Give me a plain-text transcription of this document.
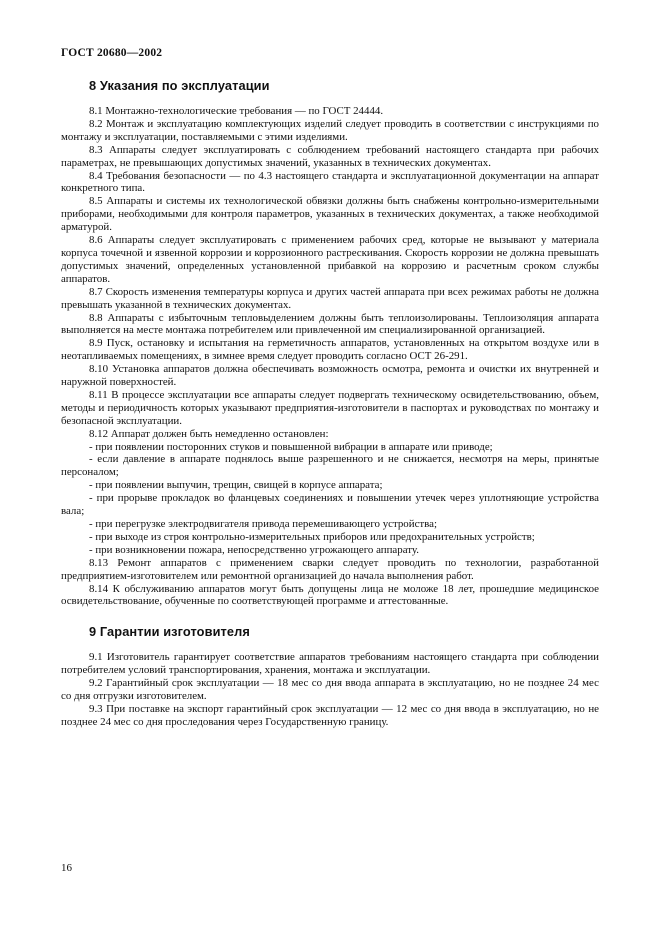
ГОСТ 20680—2002
8 Указания по эксплуатации

8.1 Монтажно-технологические требования — по ГОСТ 24444.

8.2 Монтаж и эксплуатацию комплектующих изделий следует проводить в соответствии с инструкциями по монтажу и эксплуатации, поставляемыми с этими изделиями.

8.3 Аппараты следует эксплуатировать с соблюдением требований настоящего стандарта при рабочих параметрах, не превышающих допустимых значений, указанных в технических документах.

8.4 Требования безопасности — по 4.3 настоящего стандарта и эксплуатационной документации на аппарат конкретного типа.

8.5 Аппараты и системы их технологической обвязки должны быть снабжены контрольно-измерительными приборами, необходимыми для контроля параметров, указанных в технических документах, а также необходимой арматурой.

8.6 Аппараты следует эксплуатировать с применением рабочих сред, которые не вызывают у материала корпуса точечной и язвенной коррозии и коррозионного растрескивания. Скорость коррозии не должна превышать допустимых значений, определенных установленной прибавкой на коррозию и расчетным сроком службы аппаратов.

8.7 Скорость изменения температуры корпуса и других частей аппарата при всех режимах работы не должна превышать указанной в технических документах.

8.8 Аппараты с избыточным тепловыделением должны быть теплоизолированы. Теплоизоляция аппарата выполняется на месте монтажа потребителем или привлеченной им специализированной организацией.

8.9 Пуск, остановку и испытания на герметичность аппаратов, установленных на открытом воздухе или в неотапливаемых помещениях, в зимнее время следует проводить согласно ОСТ 26-291.

8.10 Установка аппаратов должна обеспечивать возможность осмотра, ремонта и очистки их внутренней и наружной поверхностей.

8.11 В процессе эксплуатации все аппараты следует подвергать техническому освидетельствованию, объем, методы и периодичность которых указывают предприятия-изготовители в паспортах и руководствах по монтажу и безопасной эксплуатации.

8.12 Аппарат должен быть немедленно остановлен:

- при появлении посторонних стуков и повышенной вибрации в аппарате или приводе;

- если давление в аппарате поднялось выше разрешенного и не снижается, несмотря на меры, принятые персоналом;

- при появлении выпучин, трещин, свищей в корпусе аппарата;

- при прорыве прокладок во фланцевых соединениях и повышении утечек через уплотняющие устройства вала;

- при перегрузке электродвигателя привода перемешивающего устройства;

- при выходе из строя контрольно-измерительных приборов или предохранительных устройств;

- при возникновении пожара, непосредственно угрожающего аппарату.

8.13 Ремонт аппаратов с применением сварки следует проводить по технологии, разработанной предприятием-изготовителем или ремонтной организацией до начала выполнения работ.

8.14 К обслуживанию аппаратов могут быть допущены лица не моложе 18 лет, прошедшие медицинское освидетельствование, обученные по соответствующей программе и аттестованные.

9 Гарантии изготовителя

9.1 Изготовитель гарантирует соответствие аппаратов требованиям настоящего стандарта при соблюдении потребителем условий транспортирования, хранения, монтажа и эксплуатации.

9.2 Гарантийный срок эксплуатации — 18 мес со дня ввода аппарата в эксплуатацию, но не позднее 24 мес со дня отгрузки изготовителем.

9.3 При поставке на экспорт гарантийный срок эксплуатации — 12 мес со дня ввода в эксплуатацию, но не позднее 24 мес со дня проследования через Государственную границу.

16
